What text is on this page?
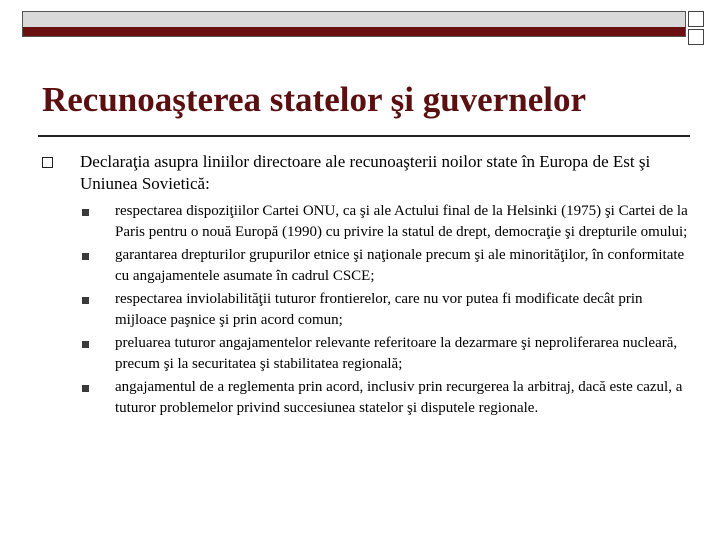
Recunoaşterea statelor şi guvernelor
Declaraţia asupra liniilor directoare ale recunoaşterii noilor state în Europa de Est şi Uniunea Sovietică:
respectarea dispoziţiilor Cartei ONU, ca şi ale Actului final de la Helsinki (1975) şi Cartei de la Paris pentru o nouă Europă (1990) cu privire la statul de drept, democraţie şi drepturile omului;
garantarea drepturilor grupurilor etnice şi naţionale precum şi ale minorităţilor, în conformitate cu angajamentele asumate în cadrul CSCE;
respectarea inviolabilităţii tuturor frontierelor, care nu vor putea fi modificate decât prin mijloace paşnice şi prin acord comun;
preluarea tuturor angajamentelor relevante referitoare la dezarmare şi neproliferarea nucleară, precum şi la securitatea şi stabilitatea regională;
angajamentul de a reglementa prin acord, inclusiv prin recurgerea la arbitraj, dacă este cazul, a tuturor problemelor privind succesiunea statelor şi disputele regionale.
